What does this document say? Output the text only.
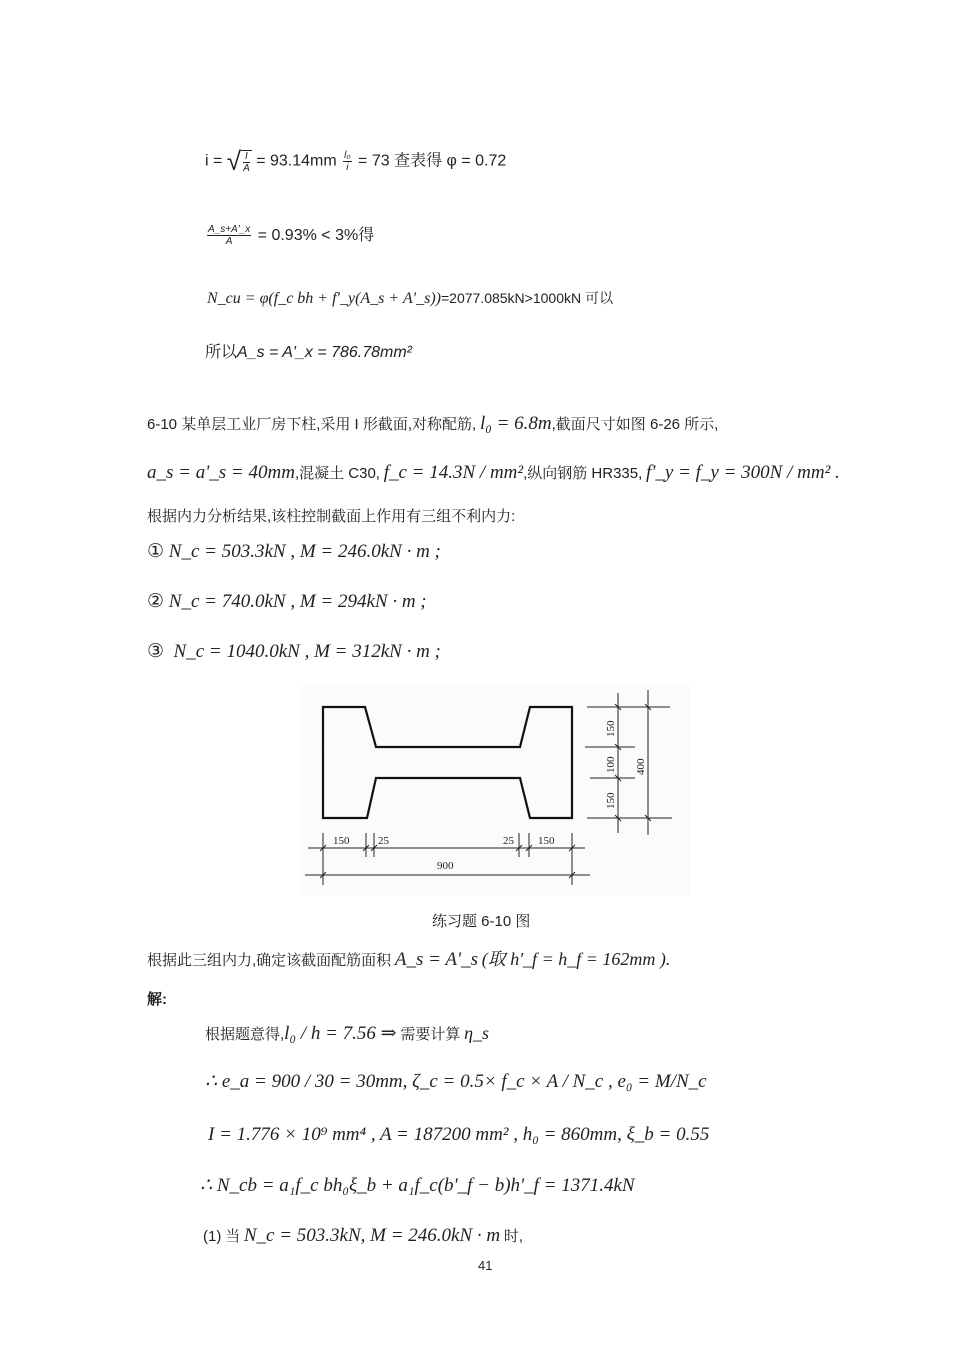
i = √ $\frac{I}{A} = 93.14mm \frac{\text{l₀}}{i} = 73$ 查表得 φ = 0.72
$\frac{A\_s+A'\_x}{A} = 0.93\% < 3\%$得
N_cu = φ(f_c bh + f'_y(A_s + A'_s))=2077.085kN>1000kN 可以
所以A_s = A'_x = 786.78mm²
6-10 某单层工业厂房下柱,采用 I 形截面,对称配筋, l₀ = 6.8m,截面尺寸如图 6-26 所示,
a_s = a'_s = 40mm,混凝土 C30, f_c = 14.3N / mm²,纵向钢筋 HR335, f'_y = f_y = 300N / mm² .
根据内力分析结果,该柱控制截面上作用有三组不利内力:
① N_c = 503.3kN , M = 246.0kN · m ;
② N_c = 740.0kN , M = 294kN · m ;
③ N_c = 1040.0kN , M = 312kN · m ;
150	25	25 150
900
150
100
150
400
练习题 6-10 图
根据此三组内力,确定该截面配筋面积 A_s = A'_s (取 h'_f = h_f = 162mm ).
解:
根据题意得,l₀ / h = 7.56 ⇒ 需要计算 η_s
∴ e_a = 900 / 30 = 30mm, ζ_c = 0.5× f_c × A / N_c , e₀ = M/N_c
I = 1.776 × 10⁹ mm⁴ , A = 187200 mm² , h₀ = 860mm, ξ_b = 0.55
∴ N_cb = a₁f_c bh₀ξ_b + a₁f_c(b'_f − b)h'_f = 1371.4kN
(1) 当 N_c = 503.3kN, M = 246.0kN · m 时,
41
